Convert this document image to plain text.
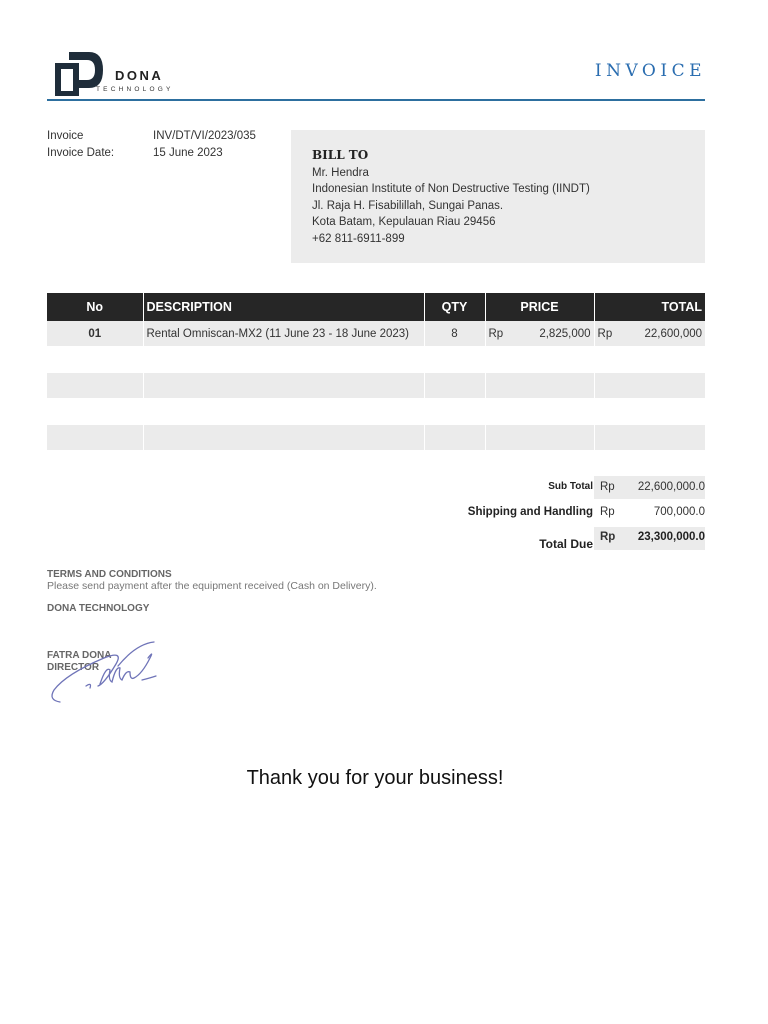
DONA
TECHNOLOGY
INVOICE
Invoice	INV/DT/VI/2023/035
Invoice Date:	15 June 2023	BILL TO
Mr. Hendra
Indonesian Institute of Non Destructive Testing (IINDT)
Jl. Raja H. Fisabilillah, Sungai Panas.
Kota Batam, Kepulauan Riau 29456
+62 811-6911-899
No	DESCRIPTION	QTY	PRICE		TOTAL	
01	Rental Omniscan-MX2 (11 June 23 - 18 June 2023)	8	Rp	2,825,000	Rp	22,600,000

Sub Total Rp 22,600,000.0
Shipping and Handling Rp	700,000.0
Total Due Rp 23,300,000.0
TERMS AND CONDITIONS
Please send payment after the equipment received (Cash on Delivery).
DONA TECHNOLOGY
FATRA DONA
DIRECTOR
Thank you for your business!
